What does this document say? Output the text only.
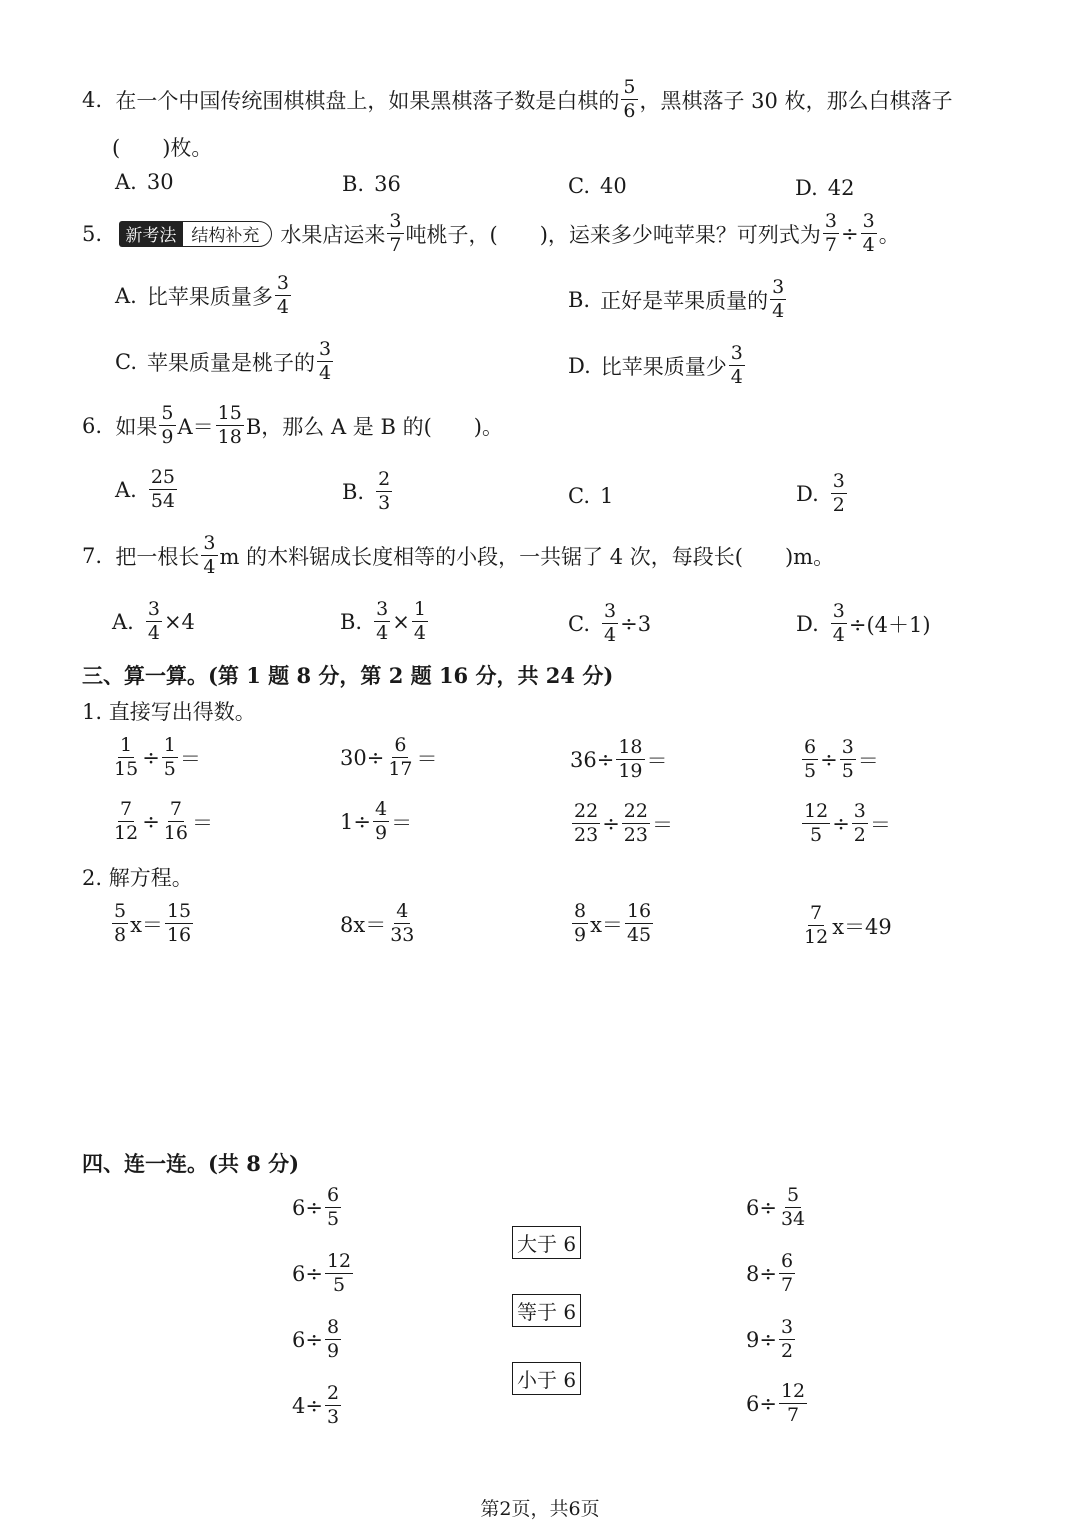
4.
在一个中国传统围棋棋盘上，如果黑棋落子数是白棋的 $\frac{5}{6}$ ，黑棋落子 30 枚，那么白棋落子
(　　)枚。
A. 30	B. 36	C. 40	D. 42
5.
	新考法 结构补充	水果店运来 $\frac{3}{7}$ 吨桃子，(　　)，运来多少吨苹果？可列式为 $\frac{3}{7} \div \frac{3}{4}$ 。
A. 比苹果质量多 $\frac{3}{4}$	B. 正好是苹果质量的 $\frac{3}{4}$
C. 苹果质量是桃子的 $\frac{3}{4}$	D. 比苹果质量少 $\frac{3}{4}$
6.
如果 $\frac{5}{9} A= \frac{15}{18}$ B，那么 A 是 B 的(　　)。
A. $\frac{25}{54}$	B. $\frac{2}{3}$	C. 1	D. $\frac{3}{2}$
7.
把一根长 $\frac{3}{4}$ m 的木料锯成长度相等的小段，一共锯了 4 次，每段长(　　)m。
A. $\frac{3}{4} \times 4$	B. $\frac{3}{4} \times \frac{1}{4}$	C. $\frac{3}{4} \div 3$	D. $\frac{3}{4} \div(4+1)$
三、算一算。(第 1 题 8 分，第 2 题 16 分，共 24 分)
1. 直接写出得数。
$\frac{1}{15} \div \frac{1}{5}$ ＝	$30\div \frac{6}{17}$ ＝	$36\div \frac{18}{19}$ ＝	$\frac{6}{5} \div \frac{3}{5}$ ＝
$\frac{7}{12} \div \frac{7}{16}$ ＝	$1\div \frac{4}{9}$ ＝	$\frac{22}{23} \div \frac{22}{23}$ ＝	$\frac{12}{5} \div \frac{3}{2}$ ＝
2. 解方程。
$\frac{5}{8} x= \frac{15}{16}$	$8x= \frac{4}{33}$	$\frac{8}{9} x= \frac{16}{45}$	$\frac{7}{12} x=49$
四、连一连。(共 8 分)
$6\div \frac{6}{5}$
$6\div \frac{12}{5}$
$6\div \frac{8}{9}$
$4\div \frac{2}{3}$
大于 6
等于 6
小于 6
$6\div \frac{5}{34}$
$8\div \frac{6}{7}$
$9\div \frac{3}{2}$
$6\div \frac{12}{7}$
第2页，共6页
